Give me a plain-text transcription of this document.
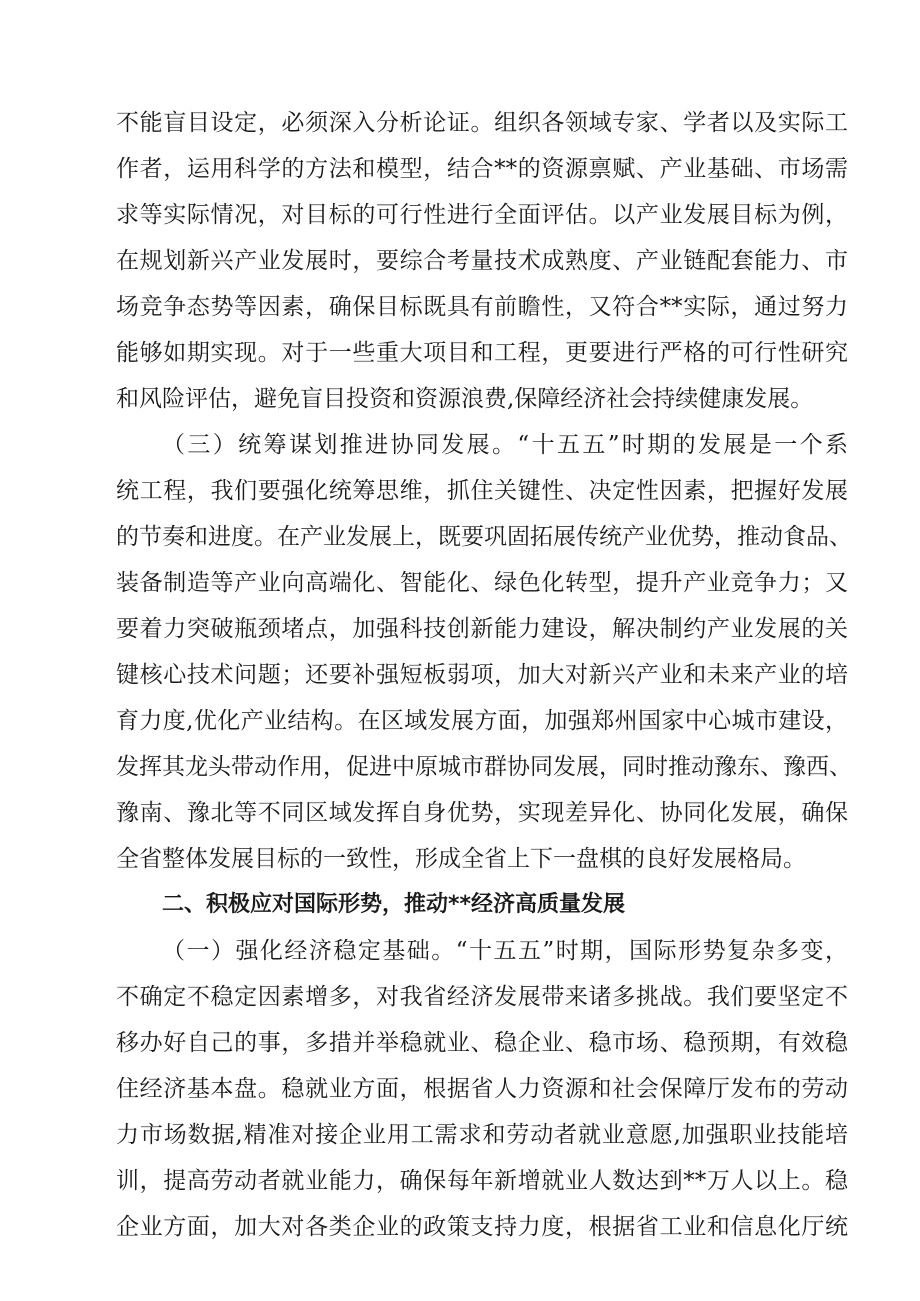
不能盲目设定，必须深入分析论证。组织各领域专家、学者以及实际工
作者，运用科学的方法和模型，结合**的资源禀赋、产业基础、市场需
求等实际情况，对目标的可行性进行全面评估。以产业发展目标为例，
在规划新兴产业发展时，要综合考量技术成熟度、产业链配套能力、市
场竞争态势等因素，确保目标既具有前瞻性，又符合**实际，通过努力
能够如期实现。对于一些重大项目和工程，更要进行严格的可行性研究
和风险评估，避免盲目投资和资源浪费,保障经济社会持续健康发展。
（三）统筹谋划推进协同发展。“十五五”时期的发展是一个系
统工程，我们要强化统筹思维，抓住关键性、决定性因素，把握好发展
的节奏和进度。在产业发展上，既要巩固拓展传统产业优势，推动食品、
装备制造等产业向高端化、智能化、绿色化转型，提升产业竞争力；又
要着力突破瓶颈堵点，加强科技创新能力建设，解决制约产业发展的关
键核心技术问题；还要补强短板弱项，加大对新兴产业和未来产业的培
育力度,优化产业结构。在区域发展方面，加强郑州国家中心城市建设，
发挥其龙头带动作用，促进中原城市群协同发展，同时推动豫东、豫西、
豫南、豫北等不同区域发挥自身优势，实现差异化、协同化发展，确保
全省整体发展目标的一致性，形成全省上下一盘棋的良好发展格局。
二、积极应对国际形势，推动**经济高质量发展
（一）强化经济稳定基础。“十五五”时期，国际形势复杂多变，
不确定不稳定因素增多，对我省经济发展带来诸多挑战。我们要坚定不
移办好自己的事，多措并举稳就业、稳企业、稳市场、稳预期，有效稳
住经济基本盘。稳就业方面，根据省人力资源和社会保障厅发布的劳动
力市场数据,精准对接企业用工需求和劳动者就业意愿,加强职业技能培
训，提高劳动者就业能力，确保每年新增就业人数达到**万人以上。稳
企业方面，加大对各类企业的政策支持力度，根据省工业和信息化厅统
